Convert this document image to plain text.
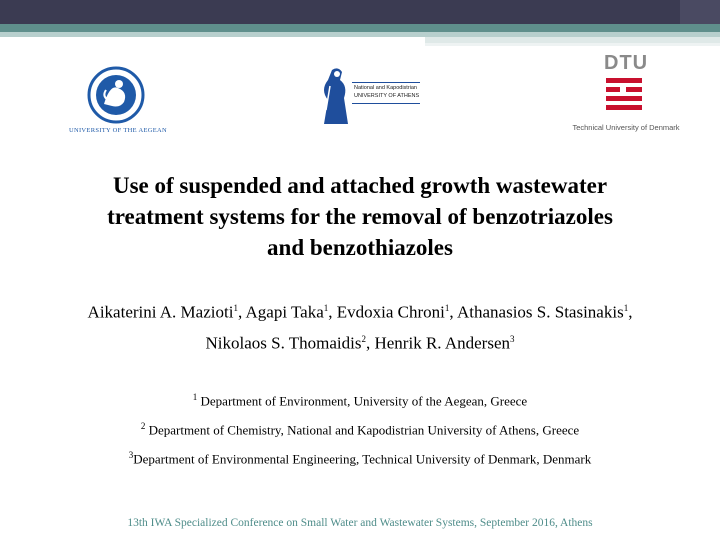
UNIVERSITY OF THE AEGEAN
National and Kapodistrian
UNIVERSITY OF ATHENS
DTU
Technical University of Denmark
Use of suspended and attached growth wastewater
treatment systems for the removal of benzotriazoles
and benzothiazoles
Aikaterini A. Mazioti$^1$, Agapi Taka$^1$, Evdoxia Chroni$^1$, Athanasios S. Stasinakis$^1$, Nikolaos S. Thomaidis$^2$, Henrik R. Andersen$^3$
$^1$ Department of Environment, University of the Aegean, Greece
$^2$ Department of Chemistry, National and Kapodistrian University of Athens, Greece
$^3$Department of Environmental Engineering, Technical University of Denmark, Denmark
13th IWA Specialized Conference on Small Water and Wastewater Systems, September 2016, Athens
